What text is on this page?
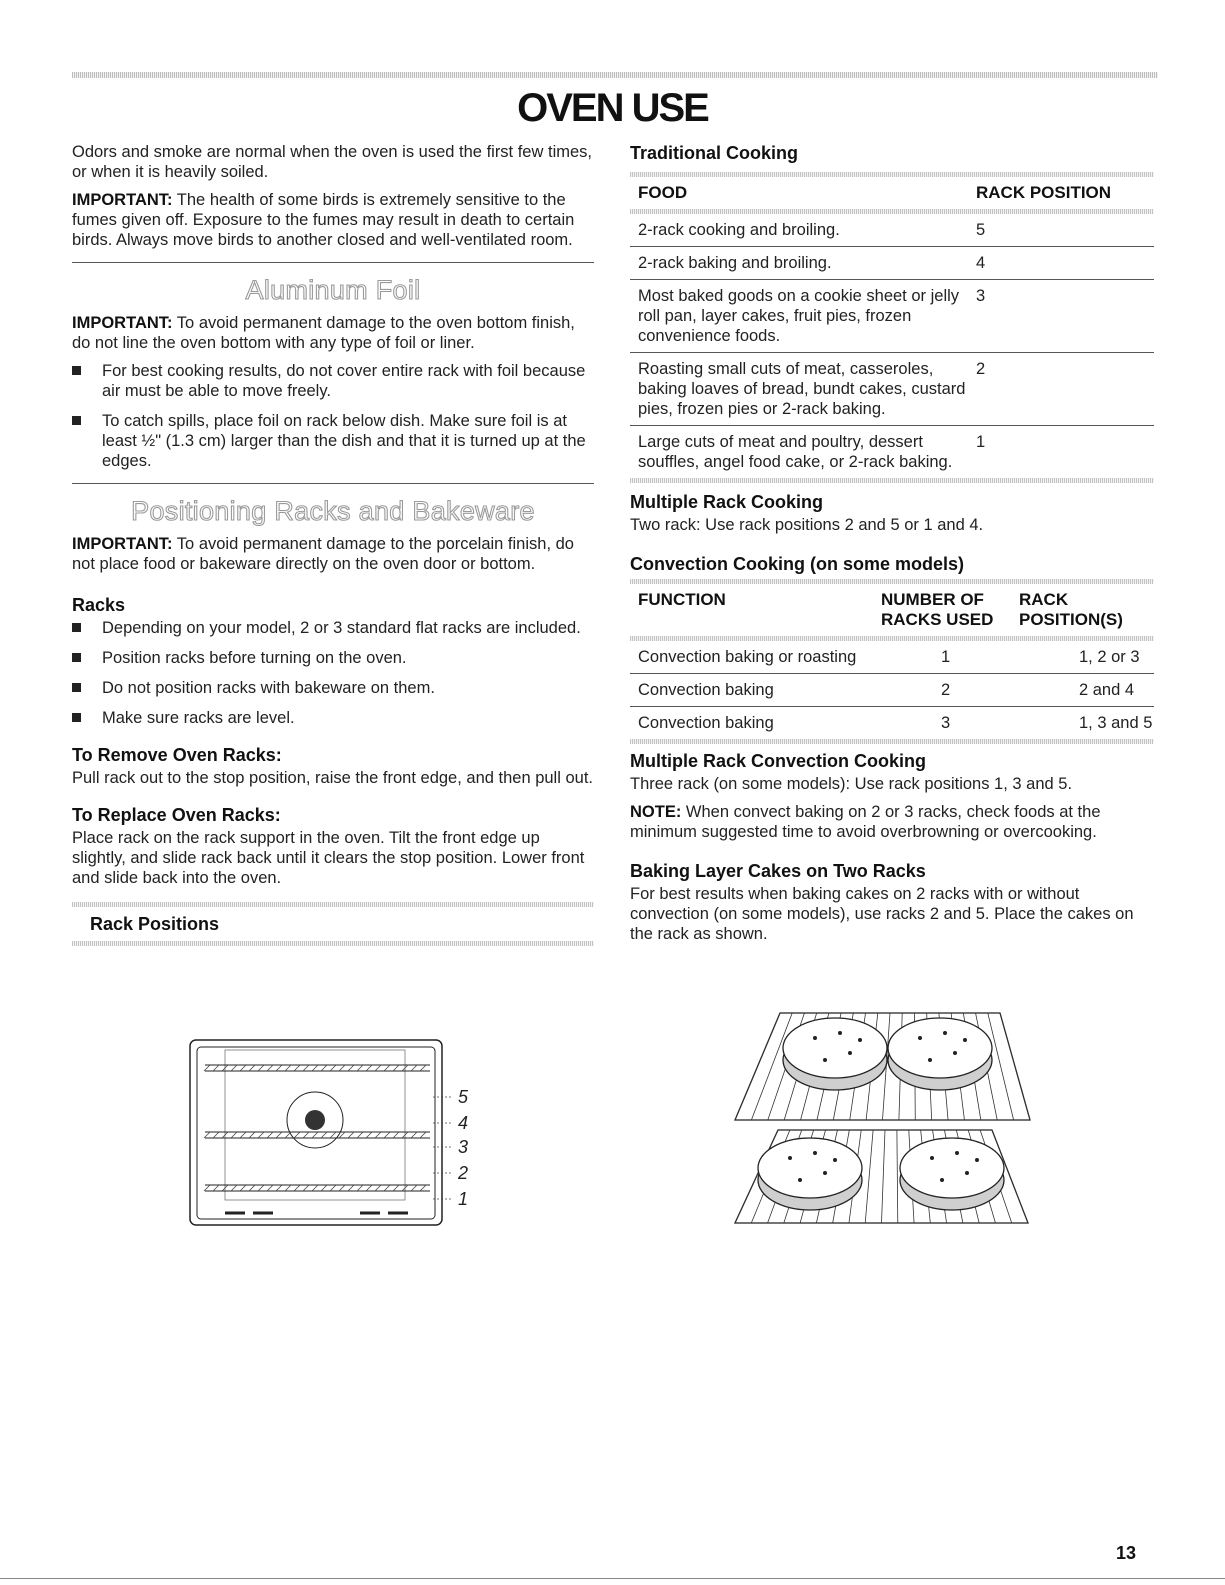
OVEN USE

Odors and smoke are normal when the oven is used the first few times, or when it is heavily soiled.

IMPORTANT: The health of some birds is extremely sensitive to the fumes given off. Exposure to the fumes may result in death to certain birds. Always move birds to another closed and well-ventilated room.

Aluminum Foil

IMPORTANT: To avoid permanent damage to the oven bottom finish, do not line the oven bottom with any type of foil or liner.

For best cooking results, do not cover entire rack with foil because air must be able to move freely.
To catch spills, place foil on rack below dish. Make sure foil is at least ½" (1.3 cm) larger than the dish and that it is turned up at the edges.
Positioning Racks and Bakeware

IMPORTANT: To avoid permanent damage to the porcelain finish, do not place food or bakeware directly on the oven door or bottom.

Racks
Depending on your model, 2 or 3 standard flat racks are included.
Position racks before turning on the oven.
Do not position racks with bakeware on them.
Make sure racks are level.
To Remove Oven Racks:

Pull rack out to the stop position, raise the front edge, and then pull out.

To Replace Oven Racks:

Place rack on the rack support in the oven. Tilt the front edge up slightly, and slide rack back until it clears the stop position. Lower front and slide back into the oven.

Rack Positions
5
4
3
2
1
Traditional Cooking
FOOD	RACK POSITION
2-rack cooking and broiling.	5
2-rack baking and broiling.	4
Most baked goods on a cookie sheet or jelly roll pan, layer cakes, fruit pies, frozen convenience foods.	3
Roasting small cuts of meat, casseroles, baking loaves of bread, bundt cakes, custard pies, frozen pies or 2-rack baking.	2
Large cuts of meat and poultry, dessert souffles, angel food cake, or 2-rack baking.	1
Multiple Rack Cooking

Two rack: Use rack positions 2 and 5 or 1 and 4.

Convection Cooking (on some models)
FUNCTION	NUMBER OF RACKS USED	RACK POSITION(S)
Convection baking or roasting	1	1, 2 or 3
Convection baking	2	2 and 4
Convection baking	3	1, 3 and 5
Multiple Rack Convection Cooking

Three rack (on some models): Use rack positions 1, 3 and 5.

NOTE: When convect baking on 2 or 3 racks, check foods at the minimum suggested time to avoid overbrowning or overcooking.

Baking Layer Cakes on Two Racks

For best results when baking cakes on 2 racks with or without convection (on some models), use racks 2 and 5. Place the cakes on the rack as shown.

13
